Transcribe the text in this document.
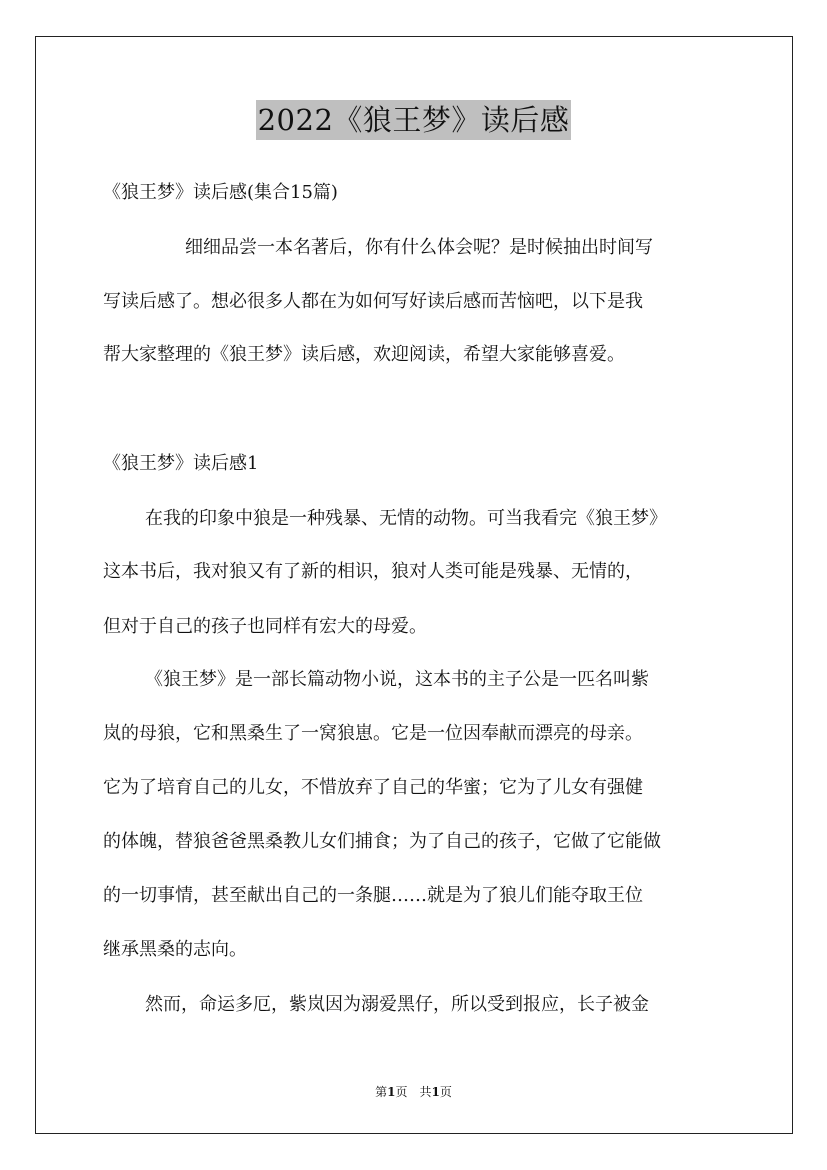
2022《狼王梦》读后感
《狼王梦》读后感(集合15篇)
细细品尝一本名著后，你有什么体会呢？是时候抽出时间写
写读后感了。想必很多人都在为如何写好读后感而苦恼吧，以下是我
帮大家整理的《狼王梦》读后感，欢迎阅读，希望大家能够喜爱。
《狼王梦》读后感1
在我的印象中狼是一种残暴、无情的动物。可当我看完《狼王梦》
这本书后，我对狼又有了新的相识，狼对人类可能是残暴、无情的，
但对于自己的孩子也同样有宏大的母爱。
《狼王梦》是一部长篇动物小说，这本书的主子公是一匹名叫紫
岚的母狼，它和黑桑生了一窝狼崽。它是一位因奉献而漂亮的母亲。
它为了培育自己的儿女，不惜放弃了自己的华蜜；它为了儿女有强健
的体魄，替狼爸爸黑桑教儿女们捕食；为了自己的孩子，它做了它能做
的一切事情，甚至献出自己的一条腿……就是为了狼儿们能夺取王位
继承黑桑的志向。
然而，命运多厄，紫岚因为溺爱黑仔，所以受到报应，长子被金
第1页　共1页
